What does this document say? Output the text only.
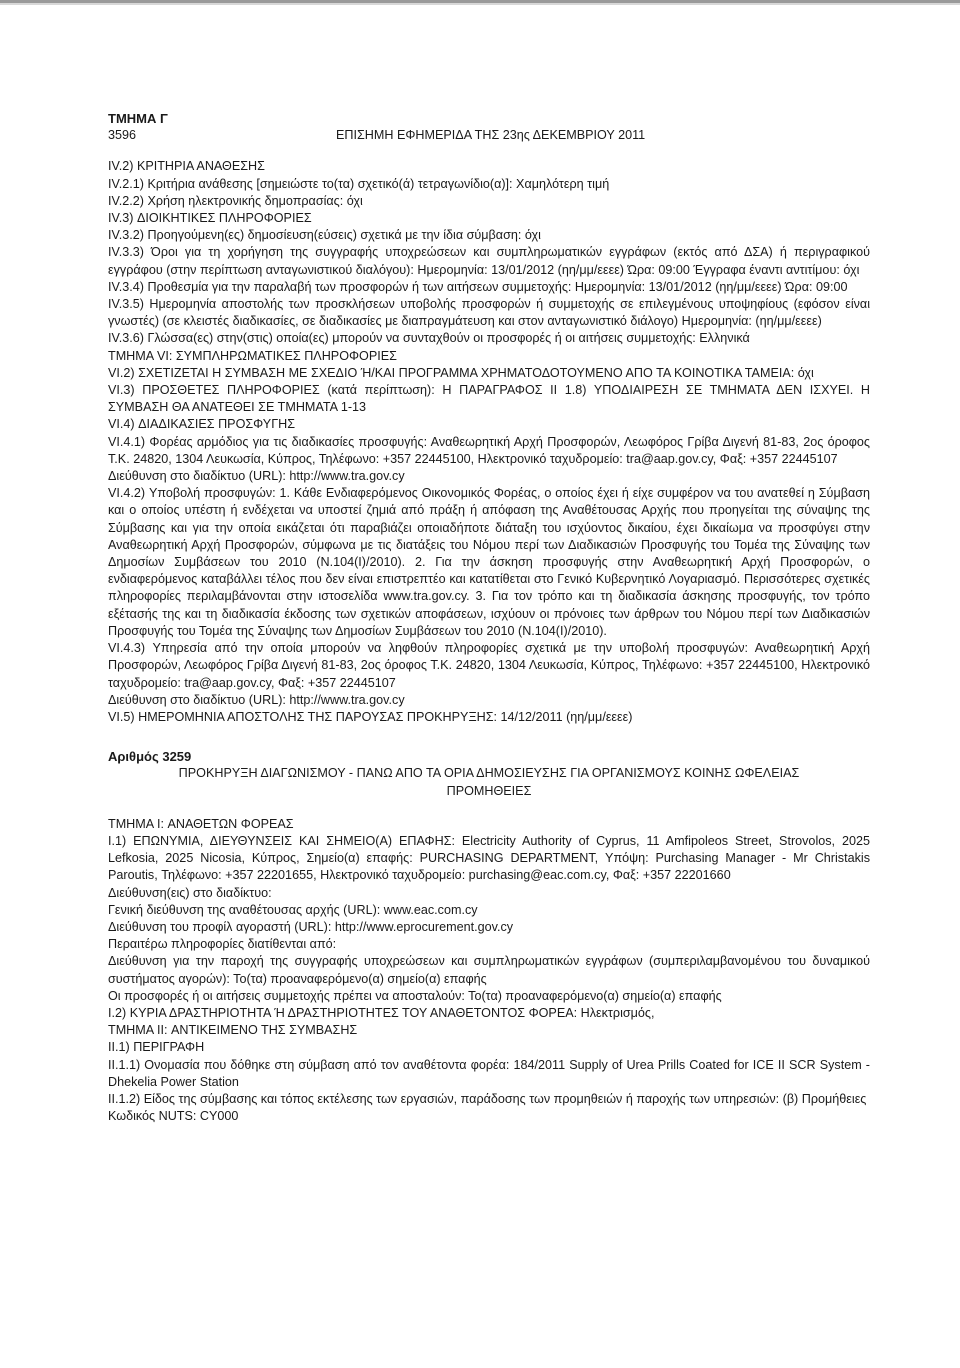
ΤΜΗΜΑ Γ
3596	ΕΠΙΣΗΜΗ ΕΦΗΜΕΡΙΔΑ ΤΗΣ 23ης ΔΕΚΕΜΒΡΙΟΥ 2011

IV.2) ΚΡΙΤΗΡΙΑ ΑΝΑΘΕΣΗΣ

IV.2.1) Κριτήρια ανάθεσης [σημειώστε το(τα) σχετικό(ά) τετραγωνίδιο(α)]: Χαμηλότερη τιμή

IV.2.2) Χρήση ηλεκτρονικής δημοπρασίας: όχι

IV.3) ΔΙΟΙΚΗΤΙΚΕΣ ΠΛΗΡΟΦΟΡΙΕΣ

IV.3.2) Προηγούμενη(ες) δημοσίευση(εύσεις) σχετικά με την ίδια σύμβαση: όχι

IV.3.3) Όροι για τη χορήγηση της συγγραφής υποχρεώσεων και συμπληρωματικών εγγράφων (εκτός από ΔΣΑ) ή περιγραφικού εγγράφου (στην περίπτωση ανταγωνιστικού διαλόγου): Ημερομηνία: 13/01/2012 (ηη/μμ/εεεε) Ώρα: 09:00 Έγγραφα έναντι αντιτίμου: όχι

IV.3.4) Προθεσμία για την παραλαβή των προσφορών ή των αιτήσεων συμμετοχής: Ημερομηνία: 13/01/2012 (ηη/μμ/εεεε) Ώρα: 09:00

IV.3.5) Ημερομηνία αποστολής των προσκλήσεων υποβολής προσφορών ή συμμετοχής σε επιλεγμένους υποψηφίους (εφόσον είναι γνωστές) (σε κλειστές διαδικασίες, σε διαδικασίες με διαπραγμάτευση και στον ανταγωνιστικό διάλογο) Ημερομηνία: (ηη/μμ/εεεε)

IV.3.6) Γλώσσα(ες) στην(στις) οποία(ες) μπορούν να συνταχθούν οι προσφορές ή οι αιτήσεις συμμετοχής: Ελληνικά

ΤΜΗΜΑ VI: ΣΥΜΠΛΗΡΩΜΑΤΙΚΕΣ ΠΛΗΡΟΦΟΡΙΕΣ

VI.2) ΣΧΕΤΙΖΕΤΑΙ Η ΣΥΜΒΑΣΗ ΜΕ ΣΧΕΔΙΟ Ή/ΚΑΙ ΠΡΟΓΡΑΜΜΑ ΧΡΗΜΑΤΟΔΟΤΟΥΜΕΝΟ ΑΠΟ ΤΑ ΚΟΙΝΟΤΙΚΑ ΤΑΜΕΙΑ: όχι

VI.3) ΠΡΟΣΘΕΤΕΣ ΠΛΗΡΟΦΟΡΙΕΣ (κατά περίπτωση): Η ΠΑΡΑΓΡΑΦΟΣ II 1.8) ΥΠΟΔΙΑΙΡΕΣΗ ΣΕ ΤΜΗΜΑΤΑ ΔΕΝ ΙΣΧΥΕΙ. Η ΣΥΜΒΑΣΗ ΘΑ ΑΝΑΤΕΘΕΙ ΣΕ ΤΜΗΜΑΤΑ 1-13

VI.4) ΔΙΑΔΙΚΑΣΙΕΣ ΠΡΟΣΦΥΓΗΣ

VI.4.1) Φορέας αρμόδιος για τις διαδικασίες προσφυγής: Αναθεωρητική Αρχή Προσφορών, Λεωφόρος Γρίβα Διγενή 81-83, 2ος όροφος Τ.Κ. 24820, 1304 Λευκωσία, Κύπρος, Τηλέφωνο: +357 22445100, Ηλεκτρονικό ταχυδρομείο: tra@aap.gov.cy, Φαξ: +357 22445107

Διεύθυνση στο διαδίκτυο (URL): http://www.tra.gov.cy

VI.4.2) Υποβολή προσφυγών: 1. Κάθε Ενδιαφερόμενος Οικονομικός Φορέας, ο οποίος έχει ή είχε συμφέρον να του ανατεθεί η Σύμβαση και ο οποίος υπέστη ή ενδέχεται να υποστεί ζημιά από πράξη ή απόφαση της Αναθέτουσας Αρχής που προηγείται της σύναψης της Σύμβασης και για την οποία εικάζεται ότι παραβιάζει οποιαδήποτε διάταξη του ισχύοντος δικαίου, έχει δικαίωμα να προσφύγει στην Αναθεωρητική Αρχή Προσφορών, σύμφωνα με τις διατάξεις του Νόμου περί των Διαδικασιών Προσφυγής του Τομέα της Σύναψης των Δημοσίων Συμβάσεων του 2010 (N.104(I)/2010). 2. Για την άσκηση προσφυγής στην Αναθεωρητική Αρχή Προσφορών, ο ενδιαφερόμενος καταβάλλει τέλος που δεν είναι επιστρεπτέο και κατατίθεται στο Γενικό Κυβερνητικό Λογαριασμό. Περισσότερες σχετικές πληροφορίες περιλαμβάνονται στην ιστοσελίδα www.tra.gov.cy. 3. Για τον τρόπο και τη διαδικασία άσκησης προσφυγής, τον τρόπο εξέτασής της και τη διαδικασία έκδοσης των σχετικών αποφάσεων, ισχύουν οι πρόνοιες των άρθρων του Νόμου περί των Διαδικασιών Προσφυγής του Τομέα της Σύναψης των Δημοσίων Συμβάσεων του 2010 (N.104(I)/2010).

VI.4.3) Υπηρεσία από την οποία μπορούν να ληφθούν πληροφορίες σχετικά με την υποβολή προσφυγών: Αναθεωρητική Αρχή Προσφορών, Λεωφόρος Γρίβα Διγενή 81-83, 2ος όροφος Τ.Κ. 24820, 1304 Λευκωσία, Κύπρος, Τηλέφωνο: +357 22445100, Ηλεκτρονικό ταχυδρομείο: tra@aap.gov.cy, Φαξ: +357 22445107

Διεύθυνση στο διαδίκτυο (URL): http://www.tra.gov.cy

VI.5) ΗΜΕΡΟΜΗΝΙΑ ΑΠΟΣΤΟΛΗΣ ΤΗΣ ΠΑΡΟΥΣΑΣ ΠΡΟΚΗΡΥΞΗΣ: 14/12/2011 (ηη/μμ/εεεε)

Αριθμός 3259
ΠΡΟΚΗΡΥΞΗ ΔΙΑΓΩΝΙΣΜΟΥ - ΠΑΝΩ ΑΠΟ ΤΑ ΟΡΙΑ ΔΗΜΟΣΙΕΥΣΗΣ ΓΙΑ ΟΡΓΑΝΙΣΜΟΥΣ ΚΟΙΝΗΣ ΩΦΕΛΕΙΑΣ ΠΡΟΜΗΘΕΙΕΣ

ΤΜΗΜΑ I: ΑΝΑΘΕΤΩΝ ΦΟΡΕΑΣ

I.1) ΕΠΩΝΥΜΙΑ, ΔΙΕΥΘΥΝΣΕΙΣ ΚΑΙ ΣΗΜΕΙΟ(Α) ΕΠΑΦΗΣ: Electricity Authority of Cyprus, 11 Amfipoleos Street, Strovolos, 2025 Lefkosia, 2025 Nicosia, Κύπρος, Σημείο(α) επαφής: PURCHASING DEPARTMENT, Υπόψη: Purchasing Manager - Mr Christakis Paroutis, Τηλέφωνο: +357 22201655, Ηλεκτρονικό ταχυδρομείο: purchasing@eac.com.cy, Φαξ: +357 22201660

Διεύθυνση(εις) στο διαδίκτυο:

Γενική διεύθυνση της αναθέτουσας αρχής (URL): www.eac.com.cy

Διεύθυνση του προφίλ αγοραστή (URL): http://www.eprocurement.gov.cy

Περαιτέρω πληροφορίες διατίθενται από:

Διεύθυνση για την παροχή της συγγραφής υποχρεώσεων και συμπληρωματικών εγγράφων (συμπεριλαμβανομένου του δυναμικού συστήματος αγορών): Το(τα) προαναφερόμενο(α) σημείο(α) επαφής

Οι προσφορές ή οι αιτήσεις συμμετοχής πρέπει να αποσταλούν: Το(τα) προαναφερόμενο(α) σημείο(α) επαφής

I.2) ΚΥΡΙΑ ΔΡΑΣΤΗΡΙΟΤΗΤΑ Ή ΔΡΑΣΤΗΡΙΟΤΗΤΕΣ ΤΟΥ ΑΝΑΘΕΤΟΝΤΟΣ ΦΟΡΕΑ: Ηλεκτρισμός,

ΤΜΗΜΑ II: ΑΝΤΙΚΕΙΜΕΝΟ ΤΗΣ ΣΥΜΒΑΣΗΣ

II.1) ΠΕΡΙΓΡΑΦΗ

II.1.1) Ονομασία που δόθηκε στη σύμβαση από τον αναθέτοντα φορέα: 184/2011 Supply of Urea Prills Coated for ICE II SCR System - Dhekelia Power Station

II.1.2) Είδος της σύμβασης και τόπος εκτέλεσης των εργασιών, παράδοσης των προμηθειών ή παροχής των υπηρεσιών: (β) Προμήθειες

Κωδικός NUTS: CY000
